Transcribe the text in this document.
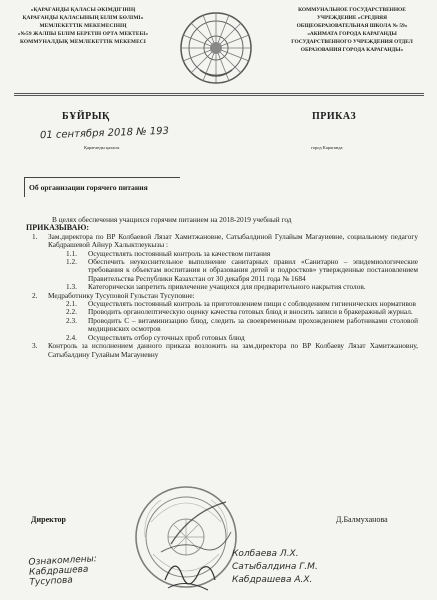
«ҚАРАҒАНДЫ ҚАЛАСЫ ӘКІМДІГІНІҢ
ҚАРАҒАНДЫ ҚАЛАСЫНЫҢ БІЛІМ БӨЛІМІ»
МЕМЛЕКЕТТІК МЕКЕМЕСІНІҢ
«№59 ЖАЛПЫ БІЛІМ БЕРЕТІН ОРТА МЕКТЕБІ»
КОММУНАЛДЫҚ МЕМЛЕКЕТТІК МЕКЕМЕСІ
КОММУНАЛЬНОЕ ГОСУДАРСТВЕННОЕ
УЧРЕЖДЕНИЕ «СРЕДНЯЯ
ОБЩЕОБРАЗОВАТЕЛЬНАЯ ШКОЛА № 59»
«АКИМАТА ГОРОДА КАРАГАНДЫ
ГОСУДАРСТВЕННОГО УЧРЕЖДЕНИЯ ОТДЕЛ
ОБРАЗОВАНИЯ ГОРОДА КАРАГАНДЫ»
БҰЙРЫҚ	ПРИКАЗ
01 сентября 2018 № 193
Қарағанды қаласы	город Караганда
Об организации горячего питания

В целях обеспечения учащихся горячим питанием на 2018-2019 учебный год

ПРИКАЗЫВАЮ:

1.	Зам.директора по ВР Колбаевой Лязат Хамитжановне, Сатыбалдиной Гулайым Магауиевне, социальному педагогу Кабдрашевой Айнур Халыктлеукызы :
1.1.	Осуществлять постоянный контроль за качеством питания
1.2.	Обеспечить неукоснительное выполнение санитарных правил «Санитарно – эпидемиологические требования к объектам воспитания и образования детей и подростков» утвержденные постановлением Правительства Республики Казахстан от 30 декабря 2011 года № 1684
1.3.	Категорически запретить привлечение учащихся для предварительного накрытия столов.
2.	Медработнику Тусуповой Гульстан Тусуповне:
2.1.	Осуществлять постоянный контроль за приготовлением пищи с соблюдением гигиенических нормативов
2.2.	Проводить органолептическую оценку качества готовых блюд и вносить записи в бракеражный журнал.
2.3.	Проводить С – витаминизацию блюд, следить за своевременным прохождением работниками столовой медицинских осмотров
2.4.	Осуществлять отбор суточных проб готовых блюд
3.	Контроль за исполнением данного приказа возложить на зам.директора по ВР Колбаеву Лязат Хамитжановну, Сатыбалдину Гулайым Магауиевну
Директор	Д.Балмуханова
Ознакомлены:
Кабдрашева
Тусупова
Колбаева Л.Х.
Сатыбалдина Г.М.
Кабдрашева А.Х.
